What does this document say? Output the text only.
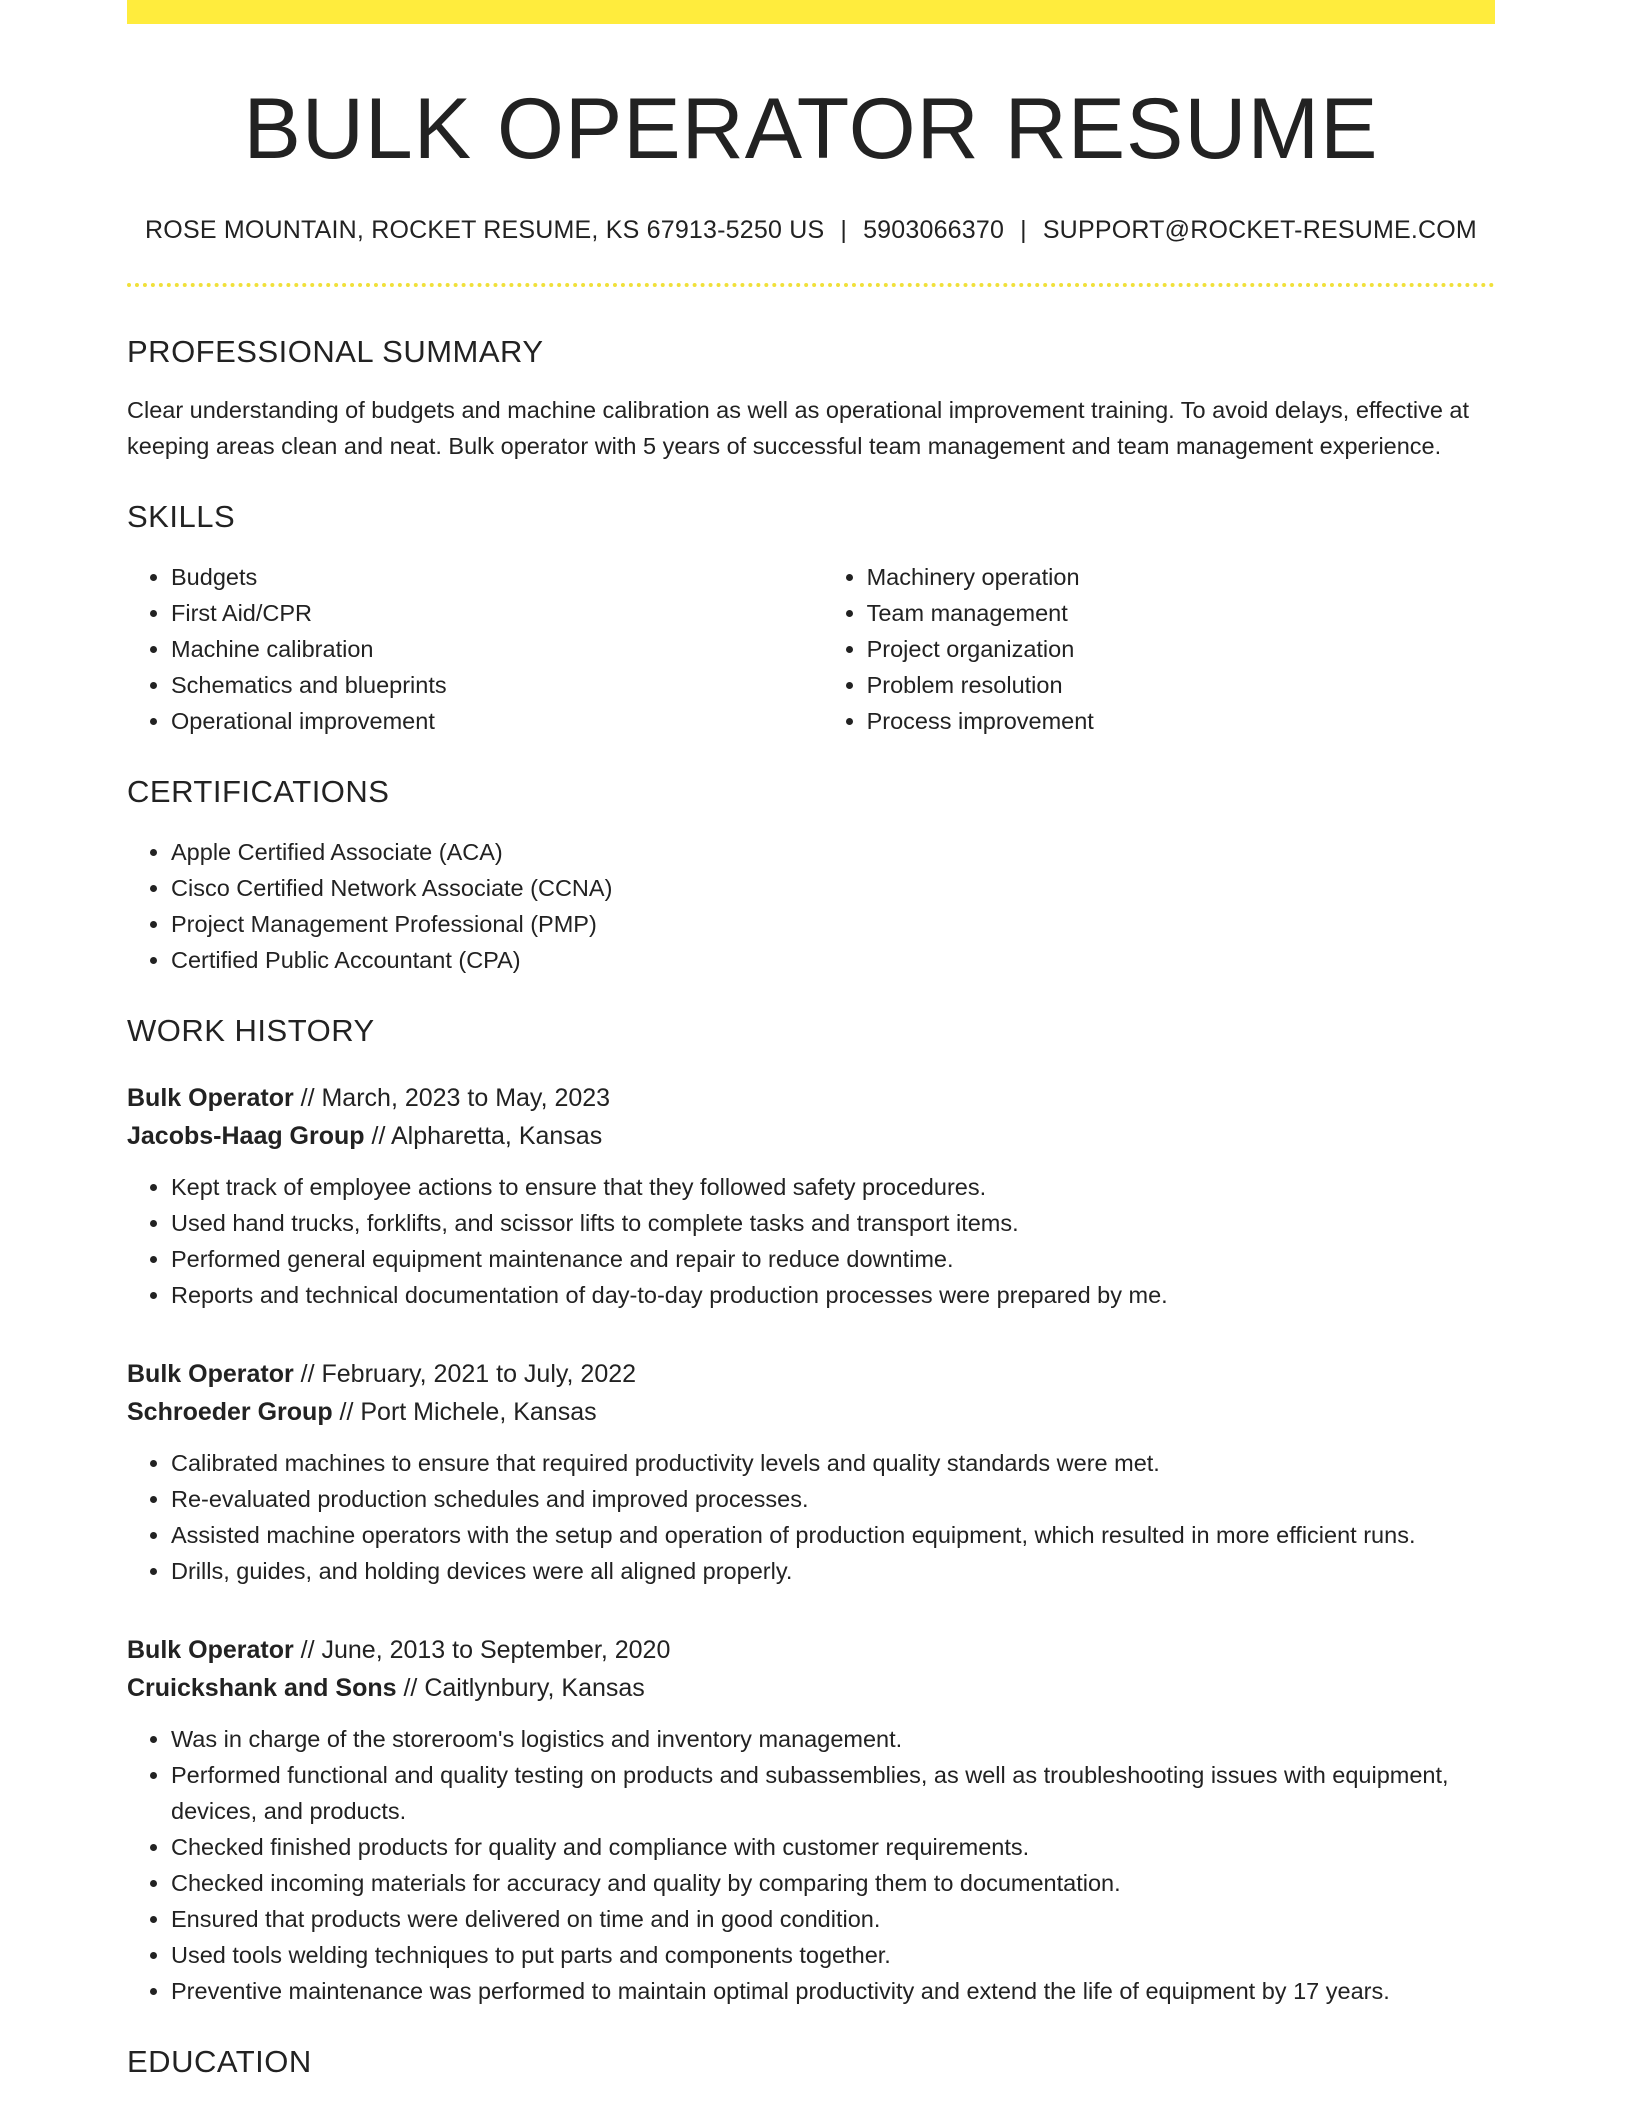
BULK OPERATOR RESUME
ROSE MOUNTAIN, ROCKET RESUME, KS 67913-5250 US | 5903066370 | SUPPORT@ROCKET-RESUME.COM
PROFESSIONAL SUMMARY
Clear understanding of budgets and machine calibration as well as operational improvement training. To avoid delays, effective at keeping areas clean and neat. Bulk operator with 5 years of successful team management and team management experience.
SKILLS
• Budgets
• First Aid/CPR
• Machine calibration
• Schematics and blueprints
• Operational improvement
• Machinery operation
• Team management
• Project organization
• Problem resolution
• Process improvement
CERTIFICATIONS
• Apple Certified Associate (ACA)
• Cisco Certified Network Associate (CCNA)
• Project Management Professional (PMP)
• Certified Public Accountant (CPA)
WORK HISTORY
Bulk Operator // March, 2023 to May, 2023
Jacobs-Haag Group // Alpharetta, Kansas
• Kept track of employee actions to ensure that they followed safety procedures.
• Used hand trucks, forklifts, and scissor lifts to complete tasks and transport items.
• Performed general equipment maintenance and repair to reduce downtime.
• Reports and technical documentation of day-to-day production processes were prepared by me.
Bulk Operator // February, 2021 to July, 2022
Schroeder Group // Port Michele, Kansas
• Calibrated machines to ensure that required productivity levels and quality standards were met.
• Re-evaluated production schedules and improved processes.
• Assisted machine operators with the setup and operation of production equipment, which resulted in more efficient runs.
• Drills, guides, and holding devices were all aligned properly.
Bulk Operator // June, 2013 to September, 2020
Cruickshank and Sons // Caitlynbury, Kansas
• Was in charge of the storeroom's logistics and inventory management.
• Performed functional and quality testing on products and subassemblies, as well as troubleshooting issues with equipment, devices, and products.
• Checked finished products for quality and compliance with customer requirements.
• Checked incoming materials for accuracy and quality by comparing them to documentation.
• Ensured that products were delivered on time and in good condition.
• Used tools welding techniques to put parts and components together.
• Preventive maintenance was performed to maintain optimal productivity and extend the life of equipment by 17 years.
EDUCATION
